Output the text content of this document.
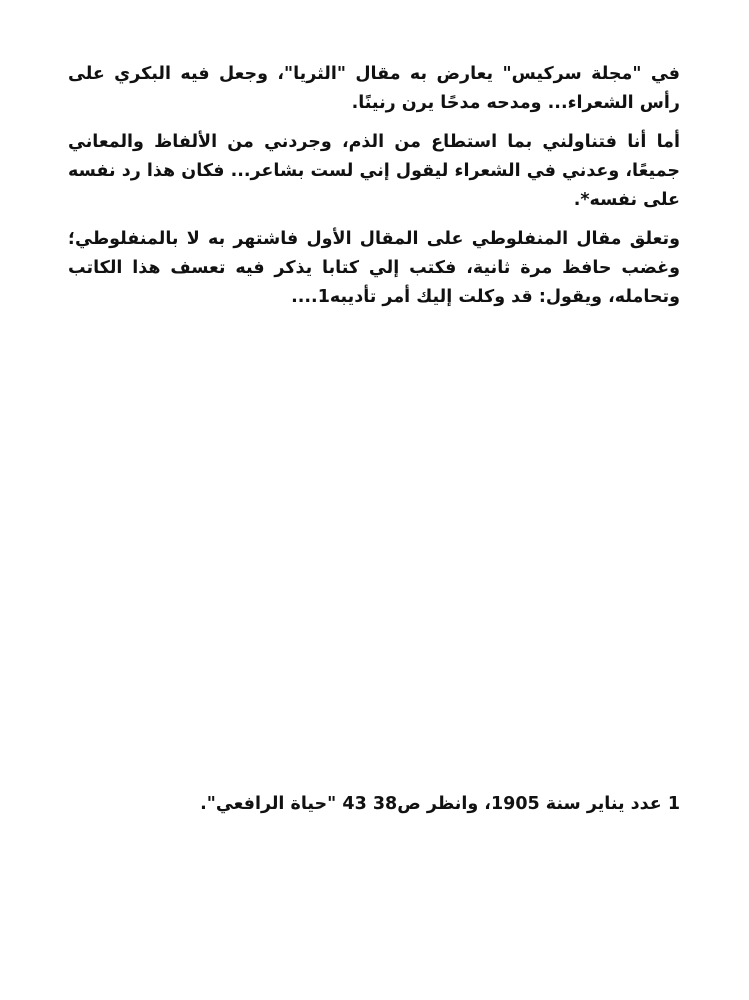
في "مجلة سركيس" يعارض به مقال "الثريا"، وجعل فيه البكري على رأس الشعراء... ومدحه مدحًا يرن رنينًا.

أما أنا فتناولني بما استطاع من الذم، وجردني من الألفاظ والمعاني جميعًا، وعدني في الشعراء ليقول إني لست بشاعر... فكان هذا رد نفسه على نفسه*.

وتعلق مقال المنفلوطي على المقال الأول فاشتهر به لا بالمنفلوطي؛ وغضب حافظ مرة ثانية، فكتب إلي كتابا يذكر فيه تعسف هذا الكاتب وتحامله، ويقول: قد وكلت إليك أمر تأديبه1....

1 عدد يناير سنة 1905، وانظر ص38 43 "حياة الرافعي".
